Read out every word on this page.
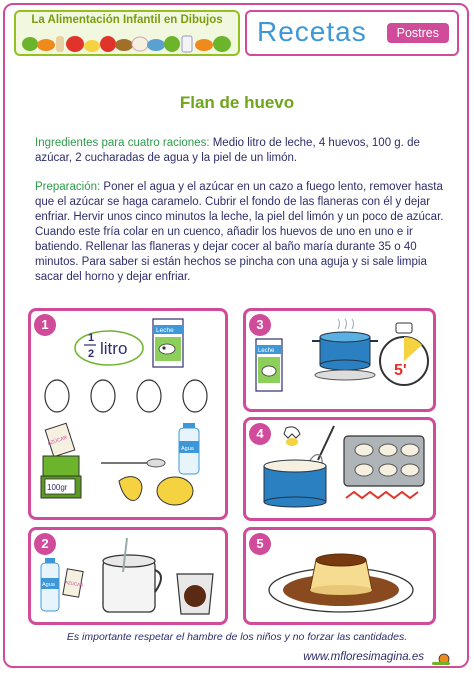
La Alimentación Infantil en Dibujos	Recetas	Postres
Flan de huevo
Ingredientes para cuatro raciones: Medio litro de leche, 4 huevos, 100 g. de azúcar, 2 cucharadas de agua y la piel de un limón.
Preparación: Poner el agua y el azúcar en un cazo a fuego lento, remover hasta que el azúcar se haga caramelo. Cubrir el fondo de las flaneras con él y dejar enfriar. Hervir unos cinco minutos la leche, la piel del limón y un poco de azúcar. Cuando este fría colar en un cuenco, añadir los huevos de uno en uno e ir batiendo. Rellenar las flaneras y dejar cocer al baño maría durante 35 o 40 minutos. Para saber si están hechos se pincha con una aguja y si sale limpia sacar del horno y dejar enfriar.
1
1
2 litro
Leche
AZÚCAR
100gr
Agua
2
Agua AZÚCAR
3
Leche
5'
4
5
Es importante respetar el hambre de los niños y no forzar las cantidades.
www.mfloresimagina.es
